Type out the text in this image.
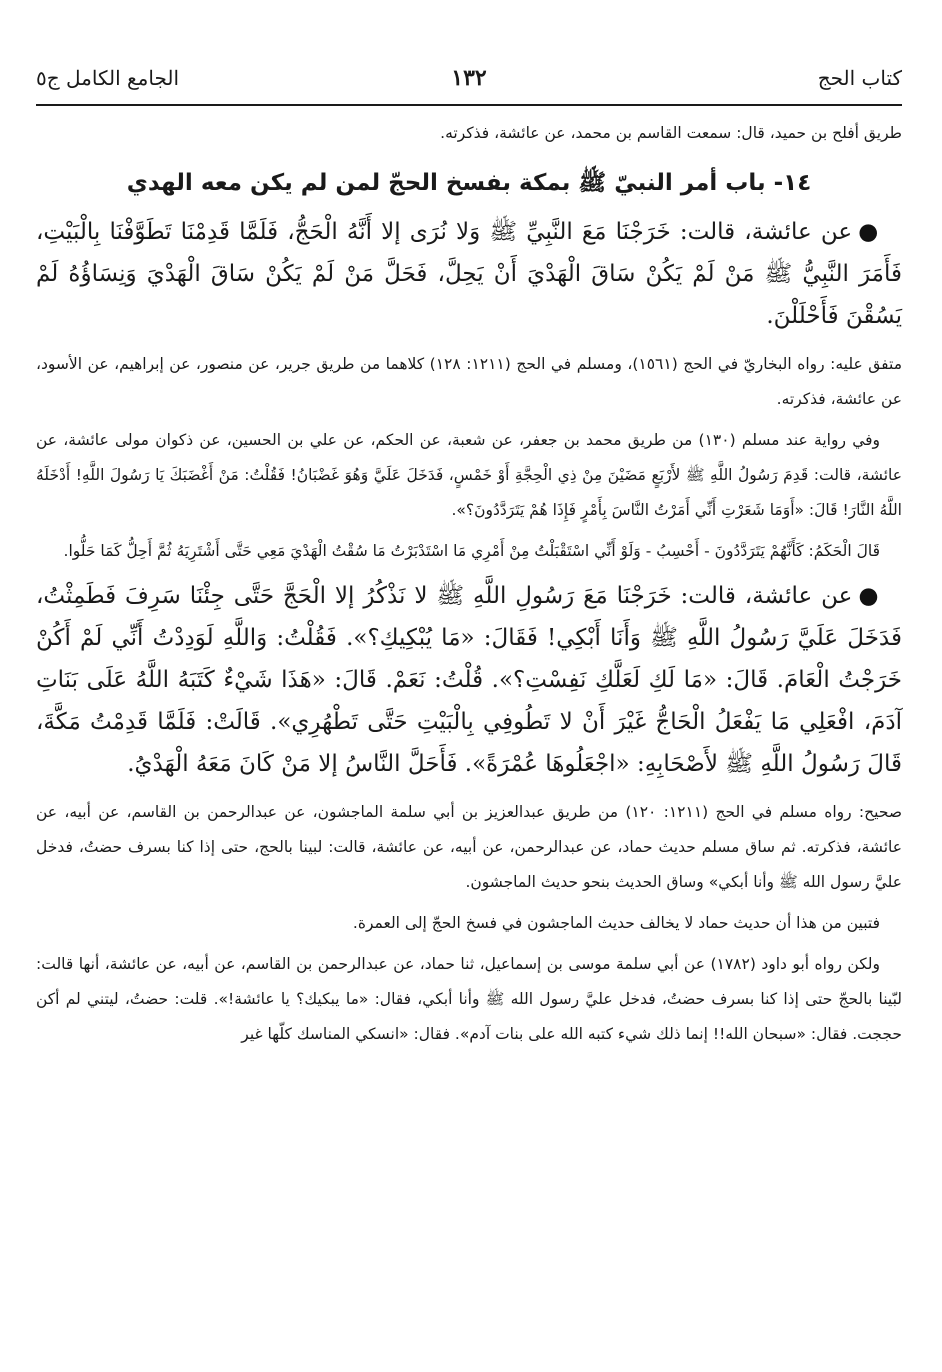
كتاب الحج
١٣٢
الجامع الكامل ج٥

طريق أفلح بن حميد، قال: سمعت القاسم بن محمد، عن عائشة، فذكرته.

١٤- باب أمر النبيّ ﷺ بمكة بفسخ الحجّ لمن لم يكن معه الهدي

●عن عائشة، قالت: خَرَجْنَا مَعَ النَّبِيِّ ﷺ وَلا نُرَى إلا أَنَّهُ الْحَجُّ، فَلَمَّا قَدِمْنَا تَطَوَّفْنَا بِالْبَيْتِ، فَأَمَرَ النَّبِيُّ ﷺ مَنْ لَمْ يَكُنْ سَاقَ الْهَدْيَ أَنْ يَحِلَّ، فَحَلَّ مَنْ لَمْ يَكُنْ سَاقَ الْهَدْيَ وَنِسَاؤُهُ لَمْ يَسُقْنَ فَأَحْلَلْنَ.

متفق عليه: رواه البخاريّ في الحج (١٥٦١)، ومسلم في الحج (١٢١١: ١٢٨) كلاهما من طريق جرير، عن منصور، عن إبراهيم، عن الأسود، عن عائشة، فذكرته.

وفي رواية عند مسلم (١٣٠) من طريق محمد بن جعفر، عن شعبة، عن الحكم، عن علي بن الحسين، عن ذكوان مولى عائشة، عن عائشة، قالت: قَدِمَ رَسُولُ اللَّهِ ﷺ لأَرْبَعٍ مَضَيْنَ مِنْ ذِي الْحِجَّةِ أَوْ خَمْسٍ، فَدَخَلَ عَلَيَّ وَهُوَ غَضْبَانُ! فَقُلْتُ: مَنْ أَغْضَبَكَ يَا رَسُولَ اللَّهِ! أَدْخَلَهُ اللَّهُ النَّارَ! قَالَ: «أَوَمَا شَعَرْتِ أَنِّي أَمَرْتُ النَّاسَ بِأَمْرٍ فَإِذَا هُمْ يَتَرَدَّدُونَ؟».

قَالَ الْحَكَمُ: كَأَنَّهُمْ يَتَرَدَّدُونَ - أَحْسِبُ - وَلَوْ أَنِّي اسْتَقْبَلْتُ مِنْ أَمْرِي مَا اسْتَدْبَرْتُ مَا سُقْتُ الْهَدْيَ مَعِي حَتَّى أَشْتَرِيَهُ ثُمَّ أَحِلُّ كَمَا حَلُّوا.

●عن عائشة، قالت: خَرَجْنَا مَعَ رَسُولِ اللَّهِ ﷺ لا نَذْكُرُ إلا الْحَجَّ حَتَّى جِئْنَا سَرِفَ فَطَمِثْتُ، فَدَخَلَ عَلَيَّ رَسُولُ اللَّهِ ﷺ وَأَنَا أَبْكِي! فَقَالَ: «مَا يُبْكِيكِ؟». فَقُلْتُ: وَاللَّهِ لَوَدِدْتُ أَنِّي لَمْ أَكُنْ خَرَجْتُ الْعَامَ. قَالَ: «مَا لَكِ لَعَلَّكِ نَفِسْتِ؟». قُلْتُ: نَعَمْ. قَالَ: «هَذَا شَيْءٌ كَتَبَهُ اللَّهُ عَلَى بَنَاتِ آدَمَ، افْعَلِي مَا يَفْعَلُ الْحَاجُّ غَيْرَ أَنْ لا تَطُوفِي بِالْبَيْتِ حَتَّى تَطْهُرِي». قَالَتْ: فَلَمَّا قَدِمْتُ مَكَّةَ، قَالَ رَسُولُ اللَّهِ ﷺ لأَصْحَابِهِ: «اجْعَلُوهَا عُمْرَةً». فَأَحَلَّ النَّاسُ إلا مَنْ كَانَ مَعَهُ الْهَدْيُ.

صحيح: رواه مسلم في الحج (١٢١١: ١٢٠) من طريق عبدالعزيز بن أبي سلمة الماجشون، عن عبدالرحمن بن القاسم، عن أبيه، عن عائشة، فذكرته. ثم ساق مسلم حديث حماد، عن عبدالرحمن، عن أبيه، عن عائشة، قالت: لبينا بالحج، حتى إذا كنا بسرف حضتُ، فدخل عليَّ رسول الله ﷺ وأنا أبكي» وساق الحديث بنحو حديث الماجشون.

فتبين من هذا أن حديث حماد لا يخالف حديث الماجشون في فسخ الحجّ إلى العمرة.

ولكن رواه أبو داود (١٧٨٢) عن أبي سلمة موسى بن إسماعيل، ثنا حماد، عن عبدالرحمن بن القاسم، عن أبيه، عن عائشة، أنها قالت: لبّينا بالحجّ حتى إذا كنا بسرف حضتُ، فدخل عليَّ رسول الله ﷺ وأنا أبكي، فقال: «ما يبكيك؟ يا عائشة!». قلت: حضتُ، ليتني لم أكن حججت. فقال: «سبحان الله!! إنما ذلك شيء كتبه الله على بنات آدم». فقال: «انسكي المناسك كلّها غير
